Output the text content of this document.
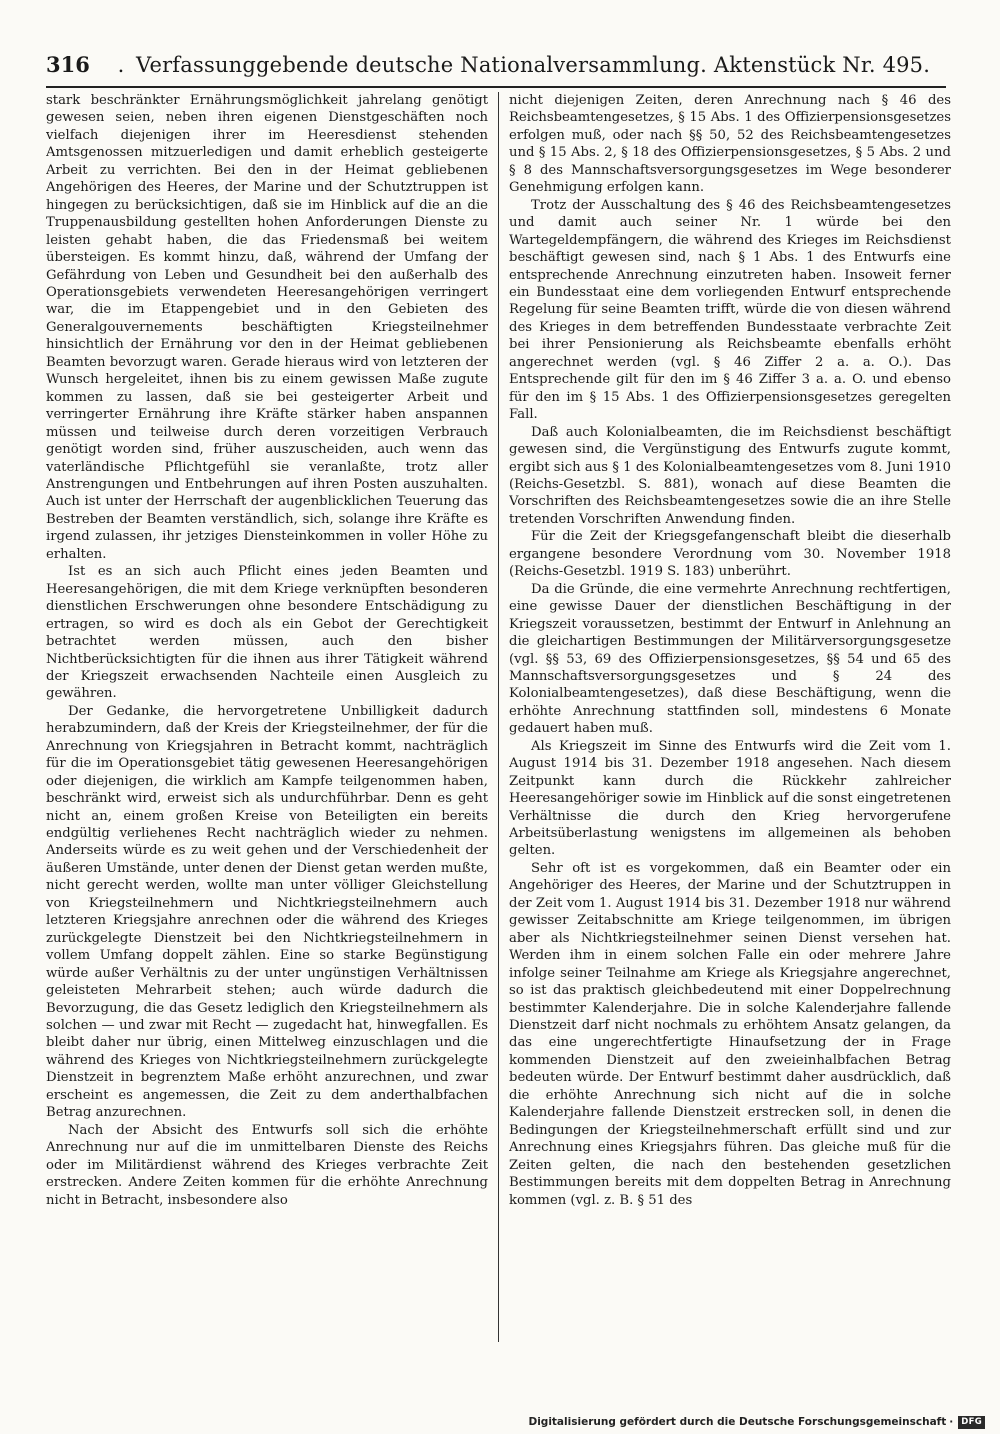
316	. Verfassunggebende deutsche Nationalversammlung. Aktenstück Nr. 495.

stark beschränkter Ernährungsmöglichkeit jahrelang genötigt gewesen seien, neben ihren eigenen Dienstgeschäften noch vielfach diejenigen ihrer im Heeresdienst stehenden Amtsgenossen mitzuerledigen und damit erheblich gesteigerte Arbeit zu verrichten. Bei den in der Heimat gebliebenen Angehörigen des Heeres, der Marine und der Schutztruppen ist hingegen zu berücksichtigen, daß sie im Hinblick auf die an die Truppenausbildung gestellten hohen Anforderungen Dienste zu leisten gehabt haben, die das Friedensmaß bei weitem übersteigen. Es kommt hinzu, daß, während der Umfang der Gefährdung von Leben und Gesundheit bei den außerhalb des Operationsgebiets verwendeten Heeresangehörigen verringert war, die im Etappengebiet und in den Gebieten des Generalgouvernements beschäftigten Kriegsteilnehmer hinsichtlich der Ernährung vor den in der Heimat gebliebenen Beamten bevorzugt waren. Gerade hieraus wird von letzteren der Wunsch hergeleitet, ihnen bis zu einem gewissen Maße zugute kommen zu lassen, daß sie bei gesteigerter Arbeit und verringerter Ernährung ihre Kräfte stärker haben anspannen müssen und teilweise durch deren vorzeitigen Verbrauch genötigt worden sind, früher auszuscheiden, auch wenn das vaterländische Pflichtgefühl sie veranlaßte, trotz aller Anstrengungen und Entbehrungen auf ihren Posten auszuhalten. Auch ist unter der Herrschaft der augenblicklichen Teuerung das Bestreben der Beamten verständlich, sich, solange ihre Kräfte es irgend zulassen, ihr jetziges Diensteinkommen in voller Höhe zu erhalten.

Ist es an sich auch Pflicht eines jeden Beamten und Heeresangehörigen, die mit dem Kriege verknüpften besonderen dienstlichen Erschwerungen ohne besondere Entschädigung zu ertragen, so wird es doch als ein Gebot der Gerechtigkeit betrachtet werden müssen, auch den bisher Nichtberücksichtigten für die ihnen aus ihrer Tätigkeit während der Kriegszeit erwachsenden Nachteile einen Ausgleich zu gewähren.

Der Gedanke, die hervorgetretene Unbilligkeit dadurch herabzumindern, daß der Kreis der Kriegsteilnehmer, der für die Anrechnung von Kriegsjahren in Betracht kommt, nachträglich für die im Operationsgebiet tätig gewesenen Heeresangehörigen oder diejenigen, die wirklich am Kampfe teilgenommen haben, beschränkt wird, erweist sich als undurchführbar. Denn es geht nicht an, einem großen Kreise von Beteiligten ein bereits endgültig verliehenes Recht nachträglich wieder zu nehmen. Anderseits würde es zu weit gehen und der Verschiedenheit der äußeren Umstände, unter denen der Dienst getan werden mußte, nicht gerecht werden, wollte man unter völliger Gleichstellung von Kriegsteilnehmern und Nichtkriegsteilnehmern auch letzteren Kriegsjahre anrechnen oder die während des Krieges zurückgelegte Dienstzeit bei den Nichtkriegsteilnehmern in vollem Umfang doppelt zählen. Eine so starke Begünstigung würde außer Verhältnis zu der unter ungünstigen Verhältnissen geleisteten Mehrarbeit stehen; auch würde dadurch die Bevorzugung, die das Gesetz lediglich den Kriegsteilnehmern als solchen — und zwar mit Recht — zugedacht hat, hinwegfallen. Es bleibt daher nur übrig, einen Mittelweg einzuschlagen und die während des Krieges von Nichtkriegsteilnehmern zurückgelegte Dienstzeit in begrenztem Maße erhöht anzurechnen, und zwar erscheint es angemessen, die Zeit zu dem anderthalbfachen Betrag anzurechnen.

Nach der Absicht des Entwurfs soll sich die erhöhte Anrechnung nur auf die im unmittelbaren Dienste des Reichs oder im Militärdienst während des Krieges verbrachte Zeit erstrecken. Andere Zeiten kommen für die erhöhte Anrechnung nicht in Betracht, insbesondere also

nicht diejenigen Zeiten, deren Anrechnung nach § 46 des Reichsbeamtengesetzes, § 15 Abs. 1 des Offizierpensionsgesetzes erfolgen muß, oder nach §§ 50, 52 des Reichsbeamtengesetzes und § 15 Abs. 2, § 18 des Offizierpensionsgesetzes, § 5 Abs. 2 und § 8 des Mannschaftsversorgungsgesetzes im Wege besonderer Genehmigung erfolgen kann.

Trotz der Ausschaltung des § 46 des Reichsbeamtengesetzes und damit auch seiner Nr. 1 würde bei den Wartegeldempfängern, die während des Krieges im Reichsdienst beschäftigt gewesen sind, nach § 1 Abs. 1 des Entwurfs eine entsprechende Anrechnung einzutreten haben. Insoweit ferner ein Bundesstaat eine dem vorliegenden Entwurf entsprechende Regelung für seine Beamten trifft, würde die von diesen während des Krieges in dem betreffenden Bundesstaate verbrachte Zeit bei ihrer Pensionierung als Reichsbeamte ebenfalls erhöht angerechnet werden (vgl. § 46 Ziffer 2 a. a. O.). Das Entsprechende gilt für den im § 46 Ziffer 3 a. a. O. und ebenso für den im § 15 Abs. 1 des Offizierpensionsgesetzes geregelten Fall.

Daß auch Kolonialbeamten, die im Reichsdienst beschäftigt gewesen sind, die Vergünstigung des Entwurfs zugute kommt, ergibt sich aus § 1 des Kolonialbeamtengesetzes vom 8. Juni 1910 (Reichs-Gesetzbl. S. 881), wonach auf diese Beamten die Vorschriften des Reichsbeamtengesetzes sowie die an ihre Stelle tretenden Vorschriften Anwendung finden.

Für die Zeit der Kriegsgefangenschaft bleibt die dieserhalb ergangene besondere Verordnung vom 30. November 1918 (Reichs-Gesetzbl. 1919 S. 183) unberührt.

Da die Gründe, die eine vermehrte Anrechnung rechtfertigen, eine gewisse Dauer der dienstlichen Beschäftigung in der Kriegszeit voraussetzen, bestimmt der Entwurf in Anlehnung an die gleichartigen Bestimmungen der Militärversorgungsgesetze (vgl. §§ 53, 69 des Offizierpensionsgesetzes, §§ 54 und 65 des Mannschaftsversorgungsgesetzes und § 24 des Kolonialbeamtengesetzes), daß diese Beschäftigung, wenn die erhöhte Anrechnung stattfinden soll, mindestens 6 Monate gedauert haben muß.

Als Kriegszeit im Sinne des Entwurfs wird die Zeit vom 1. August 1914 bis 31. Dezember 1918 angesehen. Nach diesem Zeitpunkt kann durch die Rückkehr zahlreicher Heeresangehöriger sowie im Hinblick auf die sonst eingetretenen Verhältnisse die durch den Krieg hervorgerufene Arbeitsüberlastung wenigstens im allgemeinen als behoben gelten.

Sehr oft ist es vorgekommen, daß ein Beamter oder ein Angehöriger des Heeres, der Marine und der Schutztruppen in der Zeit vom 1. August 1914 bis 31. Dezember 1918 nur während gewisser Zeitabschnitte am Kriege teilgenommen, im übrigen aber als Nichtkriegsteilnehmer seinen Dienst versehen hat. Werden ihm in einem solchen Falle ein oder mehrere Jahre infolge seiner Teilnahme am Kriege als Kriegsjahre angerechnet, so ist das praktisch gleichbedeutend mit einer Doppelrechnung bestimmter Kalenderjahre. Die in solche Kalenderjahre fallende Dienstzeit darf nicht nochmals zu erhöhtem Ansatz gelangen, da das eine ungerechtfertigte Hinaufsetzung der in Frage kommenden Dienstzeit auf den zweieinhalbfachen Betrag bedeuten würde. Der Entwurf bestimmt daher ausdrücklich, daß die erhöhte Anrechnung sich nicht auf die in solche Kalenderjahre fallende Dienstzeit erstrecken soll, in denen die Bedingungen der Kriegsteilnehmerschaft erfüllt sind und zur Anrechnung eines Kriegsjahrs führen. Das gleiche muß für die Zeiten gelten, die nach den bestehenden gesetzlichen Bestimmungen bereits mit dem doppelten Betrag in Anrechnung kommen (vgl. z. B. § 51 des

Digitalisierung gefördert durch die Deutsche Forschungsgemeinschaft · DFG
